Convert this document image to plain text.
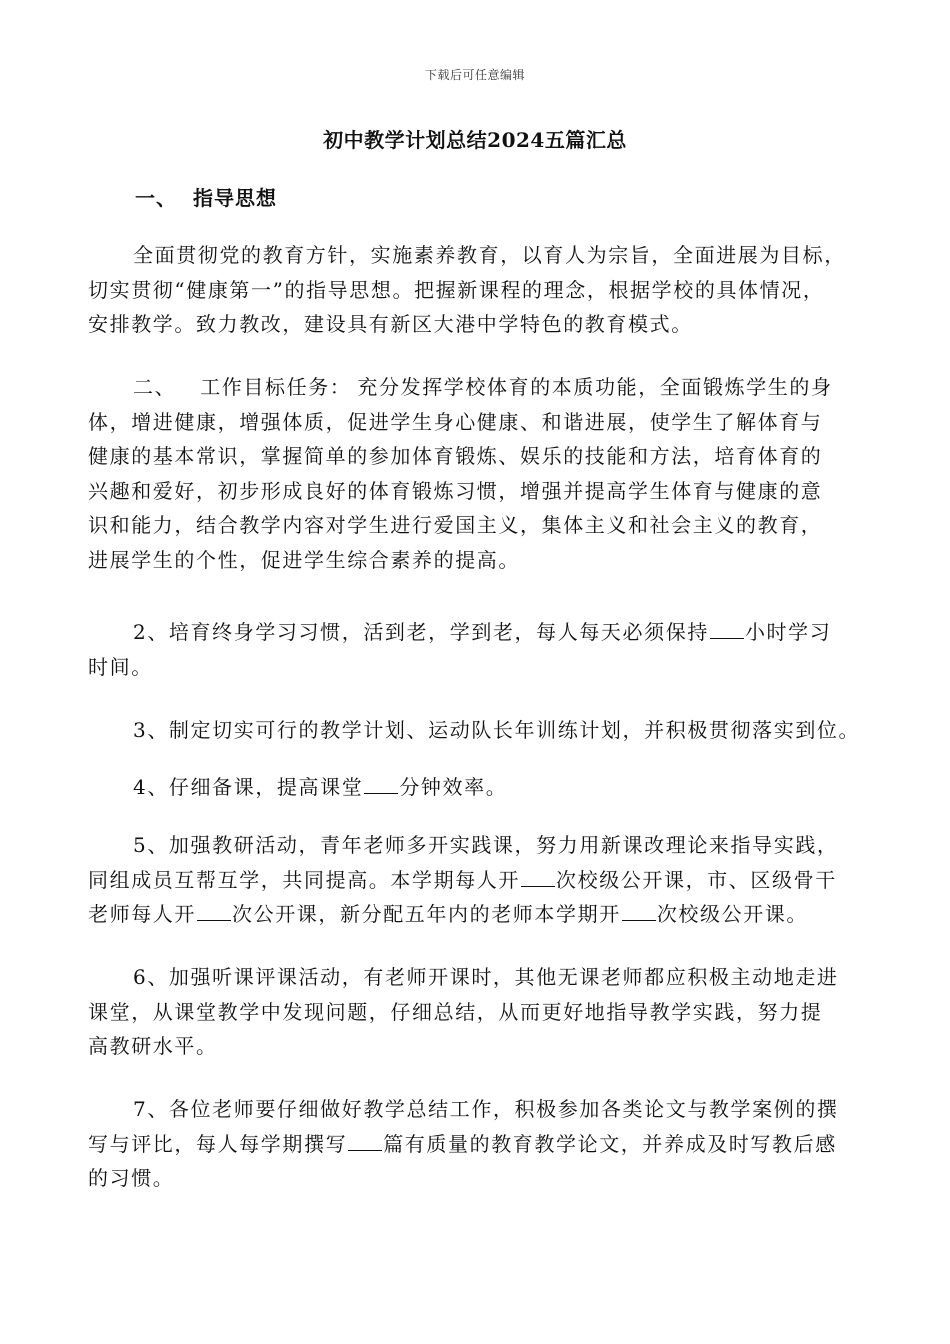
下载后可任意编辑
初中教学计划总结2024五篇汇总
一、 指导思想

全面贯彻党的教育方针，实施素养教育，以育人为宗旨，全面进展为目标，
切实贯彻“健康第一”的指导思想。把握新课程的理念，根据学校的具体情况，
安排教学。致力教改，建设具有新区大港中学特色的教育模式。

二、 工作目标任务： 充分发挥学校体育的本质功能，全面锻炼学生的身
体，增进健康，增强体质，促进学生身心健康、和谐进展，使学生了解体育与
健康的基本常识，掌握简单的参加体育锻炼、娱乐的技能和方法，培育体育的
兴趣和爱好，初步形成良好的体育锻炼习惯，增强并提高学生体育与健康的意
识和能力，结合教学内容对学生进行爱国主义，集体主义和社会主义的教育，
进展学生的个性，促进学生综合素养的提高。

2、培育终身学习习惯，活到老，学到老，每人每天必须保持 小时学习
时间。

3、制定切实可行的教学计划、运动队长年训练计划，并积极贯彻落实到位。

4、仔细备课，提高课堂 分钟效率。

5、加强教研活动，青年老师多开实践课，努力用新课改理论来指导实践，
同组成员互帮互学，共同提高。本学期每人开 次校级公开课，市、区级骨干
老师每人开 次公开课，新分配五年内的老师本学期开 次校级公开课。

6、加强听课评课活动，有老师开课时，其他无课老师都应积极主动地走进
课堂，从课堂教学中发现问题，仔细总结，从而更好地指导教学实践，努力提
高教研水平。

7、各位老师要仔细做好教学总结工作，积极参加各类论文与教学案例的撰
写与评比，每人每学期撰写 篇有质量的教育教学论文，并养成及时写教后感
的习惯。
